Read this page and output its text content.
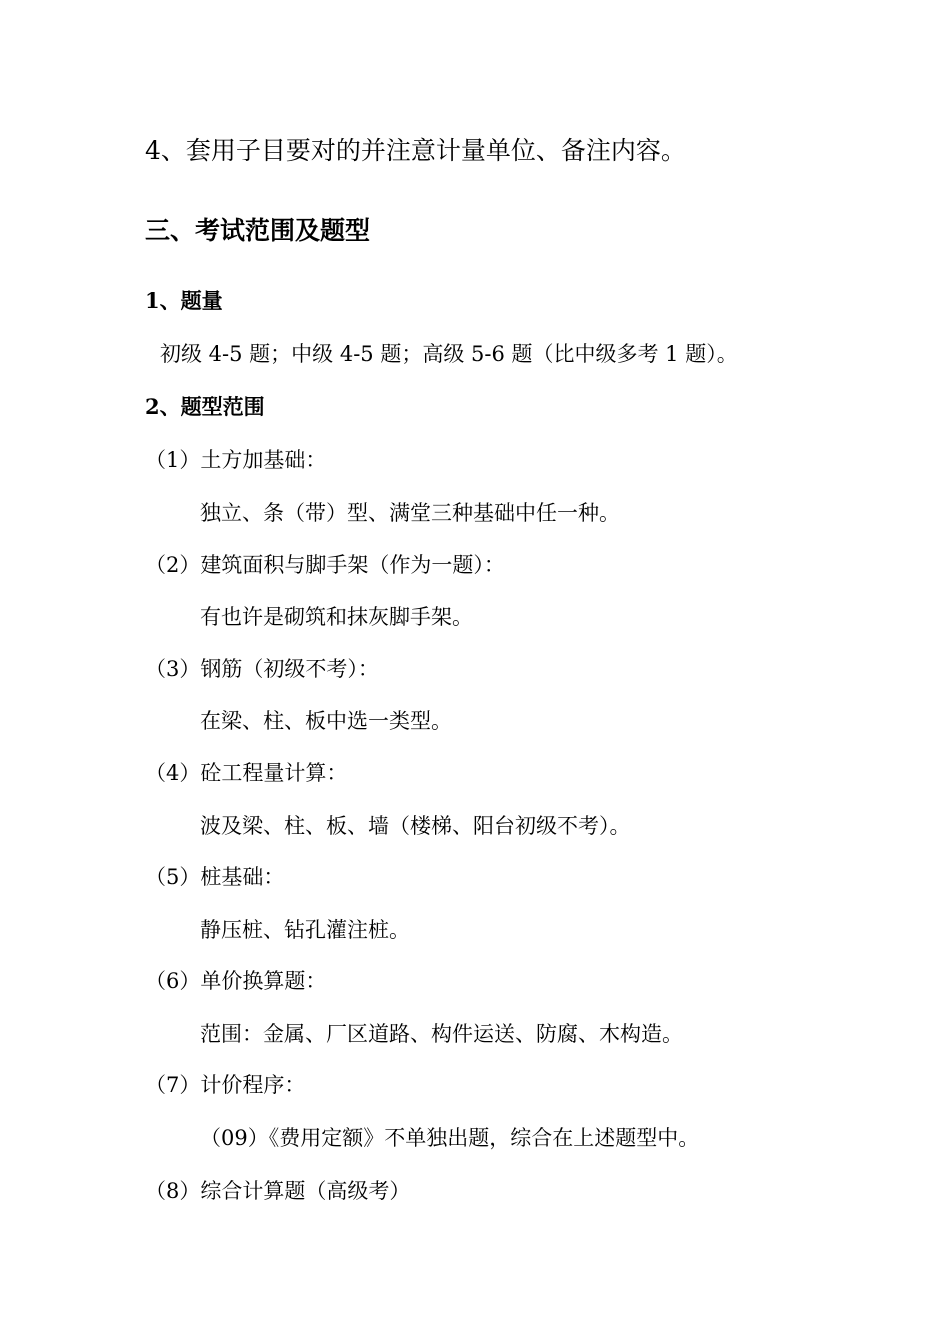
4、套用子目要对的并注意计量单位、备注内容。

三、考试范围及题型
1、题量

初级 4-5 题；中级 4-5 题；高级 5-6 题（比中级多考 1 题）。

2、题型范围

（1）土方加基础：

独立、条（带）型、满堂三种基础中任一种。

（2）建筑面积与脚手架（作为一题）：

有也许是砌筑和抹灰脚手架。

（3）钢筋（初级不考）：

在梁、柱、板中选一类型。

（4）砼工程量计算：

波及梁、柱、板、墙（楼梯、阳台初级不考）。

（5）桩基础：

静压桩、钻孔灌注桩。

（6）单价换算题：

范围：金属、厂区道路、构件运送、防腐、木构造。

（7）计价程序：

（09）《费用定额》不单独出题，综合在上述题型中。

（8）综合计算题（高级考）
